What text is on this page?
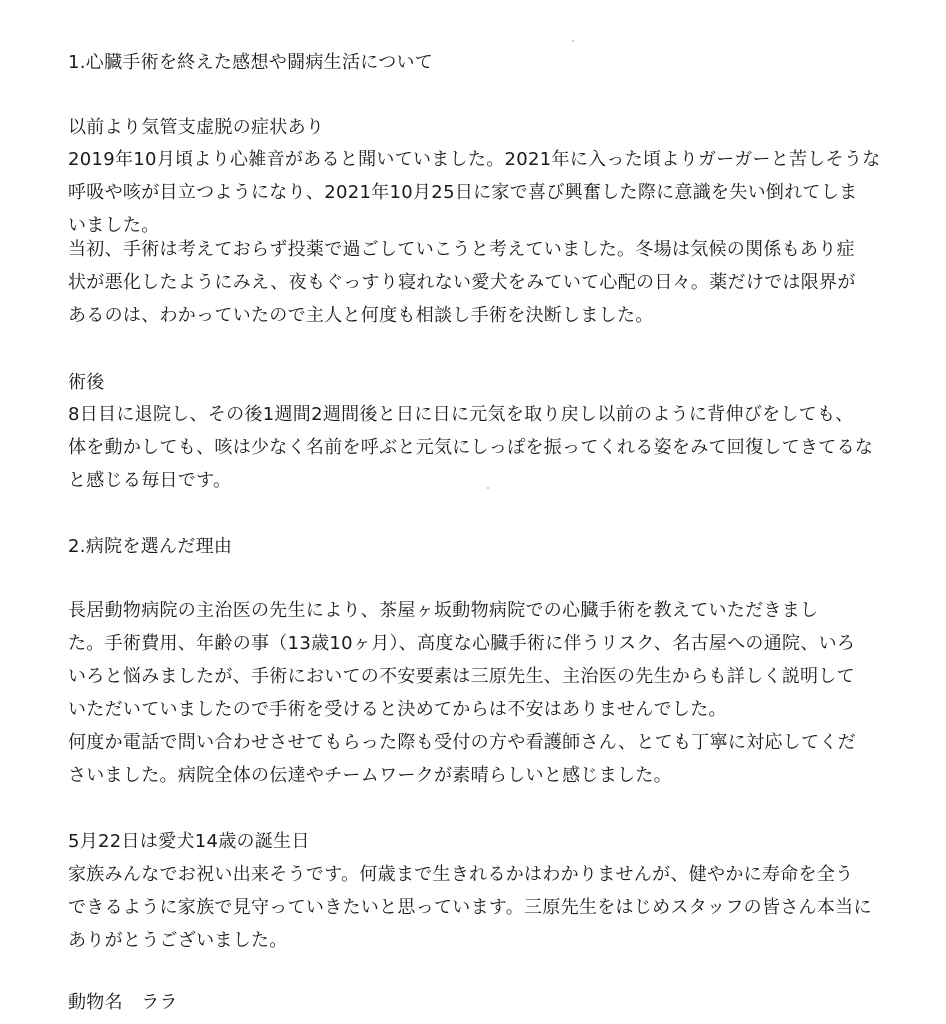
1.心臓手術を終えた感想や闘病生活について
以前より気管支虚脱の症状あり
2019年10月頃より心雑音があると聞いていました。2021年に入った頃よりガーガーと苦しそうな
呼吸や咳が目立つようになり、2021年10月25日に家で喜び興奮した際に意識を失い倒れてしま
いました。
当初、手術は考えておらず投薬で過ごしていこうと考えていました。冬場は気候の関係もあり症
状が悪化したようにみえ、夜もぐっすり寝れない愛犬をみていて心配の日々。薬だけでは限界が
あるのは、わかっていたので主人と何度も相談し手術を決断しました。
術後
8日目に退院し、その後1週間2週間後と日に日に元気を取り戻し以前のように背伸びをしても、
体を動かしても、咳は少なく名前を呼ぶと元気にしっぽを振ってくれる姿をみて回復してきてるな
と感じる毎日です。
2.病院を選んだ理由
長居動物病院の主治医の先生により、茶屋ヶ坂動物病院での心臓手術を教えていただきまし
た。手術費用、年齢の事（13歳10ヶ月）、高度な心臓手術に伴うリスク、名古屋への通院、いろ
いろと悩みましたが、手術においての不安要素は三原先生、主治医の先生からも詳しく説明して
いただいていましたので手術を受けると決めてからは不安はありませんでした。
何度か電話で問い合わせさせてもらった際も受付の方や看護師さん、とても丁寧に対応してくだ
さいました。病院全体の伝達やチームワークが素晴らしいと感じました。
5月22日は愛犬14歳の誕生日
家族みんなでお祝い出来そうです。何歳まで生きれるかはわかりませんが、健やかに寿命を全う
できるように家族で見守っていきたいと思っています。三原先生をはじめスタッフの皆さん本当に
ありがとうございました。
動物名　ララ
